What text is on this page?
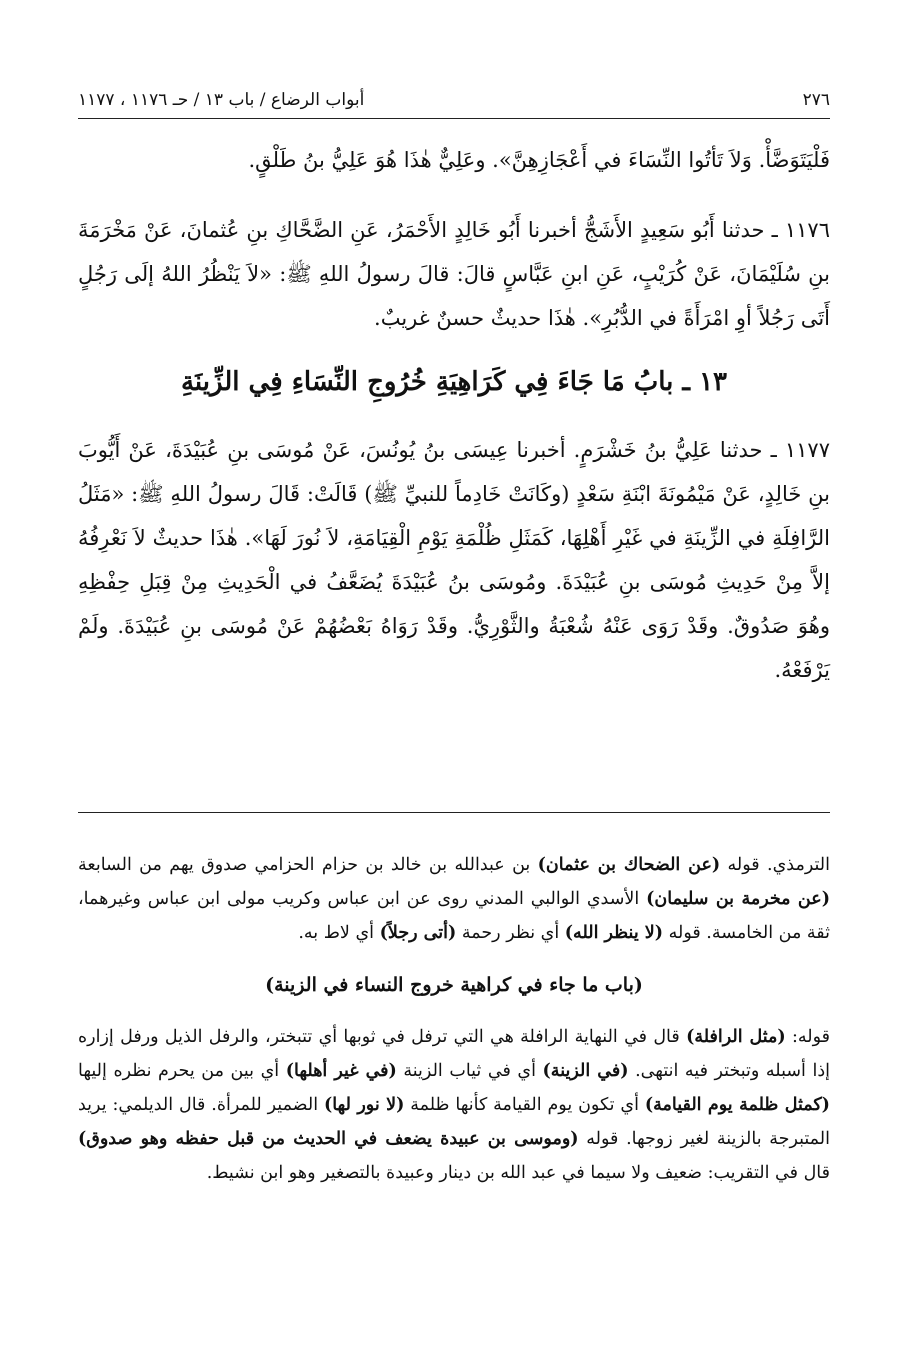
٢٧٦
أبواب الرضاع / باب ١٣ / حـ ١١٧٦ ، ١١٧٧

فَلْيَتَوَضَّأْ. وَلاَ تَأتُوا النِّسَاءَ في أَعْجَازِهِنَّ». وعَلِيٌّ هٰذَا هُوَ عَلِيُّ بنُ طَلْقٍ.

١١٧٦ ـ حدثنا أَبُو سَعِيدٍ الأَشَجُّ أخبرنا أَبُو خَالِدٍ الأَحْمَرُ، عَنِ الضَّحَّاكِ بنِ عُثمانَ، عَنْ مَخْرَمَةَ بنِ سُلَيْمَانَ، عَنْ كُرَيْبٍ، عَنِ ابنِ عَبَّاسٍ قالَ: قالَ رسولُ اللهِ ﷺ: «لاَ يَنْظُرُ اللهُ إلَى رَجُلٍ أَتَى رَجُلاً أوِ امْرَأَةً في الدُّبُرِ». هٰذَا حديثٌ حسنٌ غريبٌ.

١٣ ـ بابُ مَا جَاءَ فِي كَرَاهِيَةِ خُرُوجِ النِّسَاءِ فِي الزِّينَةِ

١١٧٧ ـ حدثنا عَلِيُّ بنُ خَشْرَمٍ. أخبرنا عِيسَى بنُ يُونُسَ، عَنْ مُوسَى بنِ عُبَيْدَةَ، عَنْ أَيُّوبَ بنِ خَالِدٍ، عَنْ مَيْمُونَةَ ابْنَةِ سَعْدٍ (وكَانَتْ خَادِماً للنبيِّ ﷺ) قَالَتْ: قَالَ رسولُ اللهِ ﷺ: «مَثَلُ الرَّافِلَةِ في الزِّينَةِ في غَيْرِ أَهْلِهَا، كَمَثَلِ ظُلْمَةِ يَوْمِ الْقِيَامَةِ، لاَ نُورَ لَهَا». هٰذَا حديثٌ لاَ نَعْرِفُهُ إلاَّ مِنْ حَدِيثِ مُوسَى بنِ عُبَيْدَةَ. ومُوسَى بنُ عُبَيْدَةَ يُضَعَّفُ في الْحَدِيثِ مِنْ قِبَلِ حِفْظِهِ وهُوَ صَدُوقٌ. وقَدْ رَوَى عَنْهُ شُعْبَةُ والثَّوْرِيُّ. وقَدْ رَوَاهُ بَعْضُهُمْ عَنْ مُوسَى بنِ عُبَيْدَةَ. ولَمْ يَرْفَعْهُ.

الترمذي. قوله (عن الضحاك بن عثمان) بن عبدالله بن خالد بن حزام الحزامي صدوق يهم من السابعة (عن مخرمة بن سليمان) الأسدي الوالبي المدني روى عن ابن عباس وكريب مولى ابن عباس وغيرهما، ثقة من الخامسة. قوله (لا ينظر الله) أي نظر رحمة (أتى رجلاً) أي لاط به.

(باب ما جاء في كراهية خروج النساء في الزينة)

قوله: (مثل الرافلة) قال في النهاية الرافلة هي التي ترفل في ثوبها أي تتبختر، والرفل الذيل ورفل إزاره إذا أسبله وتبختر فيه انتهى. (في الزينة) أي في ثياب الزينة (في غير أهلها) أي بين من يحرم نظره إليها (كمثل ظلمة يوم القيامة) أي تكون يوم القيامة كأنها ظلمة (لا نور لها) الضمير للمرأة. قال الديلمي: يريد المتبرجة بالزينة لغير زوجها. قوله (وموسى بن عبيدة يضعف في الحديث من قبل حفظه وهو صدوق) قال في التقريب: ضعيف ولا سيما في عبد الله بن دينار وعبيدة بالتصغير وهو ابن نشيط.
